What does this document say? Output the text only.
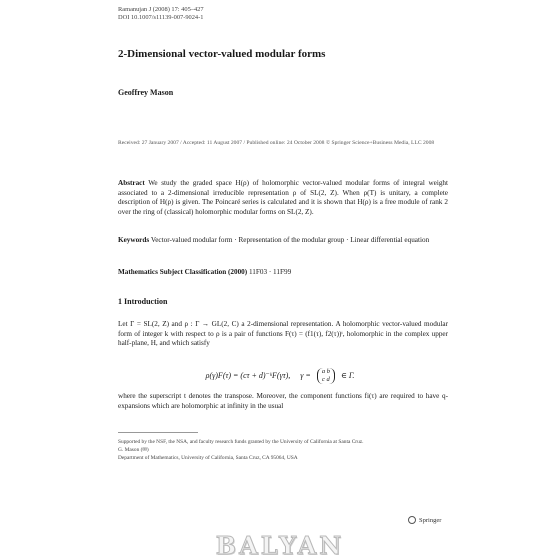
Ramanujan J (2008) 17: 405–427
DOI 10.1007/s11139-007-9024-1
2-Dimensional vector-valued modular forms
Geoffrey Mason
Received: 27 January 2007 / Accepted: 11 August 2007 / Published online: 24 October 2008 © Springer Science+Business Media, LLC 2008
Abstract We study the graded space H(ρ) of holomorphic vector-valued modular forms of integral weight associated to a 2-dimensional irreducible representation ρ of SL(2, Z). When ρ(T) is unitary, a complete description of H(ρ) is given. The Poincaré series is calculated and it is shown that H(ρ) is a free module of rank 2 over the ring of (classical) holomorphic modular forms on SL(2, Z).
Keywords Vector-valued modular form · Representation of the modular group · Linear differential equation
Mathematics Subject Classification (2000) 11F03 · 11F99
1 Introduction
Let Γ = SL(2, Z) and ρ : Γ → GL(2, C) a 2-dimensional representation. A holomorphic vector-valued modular form of integer k with respect to ρ is a pair of functions F(τ) = (f1(τ), f2(τ))ᵗ, holomorphic in the complex upper half-plane, H, and which satisfy
ρ(γ)F(τ) = (cτ + d)⁻ᵏF(γτ), γ = a b
c d ∈ Γ.
where the superscript t denotes the transpose. Moreover, the component functions fi(τ) are required to have q-expansions which are holomorphic at infinity in the usual
Supported by the NSF, the NSA, and faculty research funds granted by the University of California at Santa Cruz.
G. Mason (✉)
Department of Mathematics, University of California, Santa Cruz, CA 95064, USA
Springer
BALYAN
